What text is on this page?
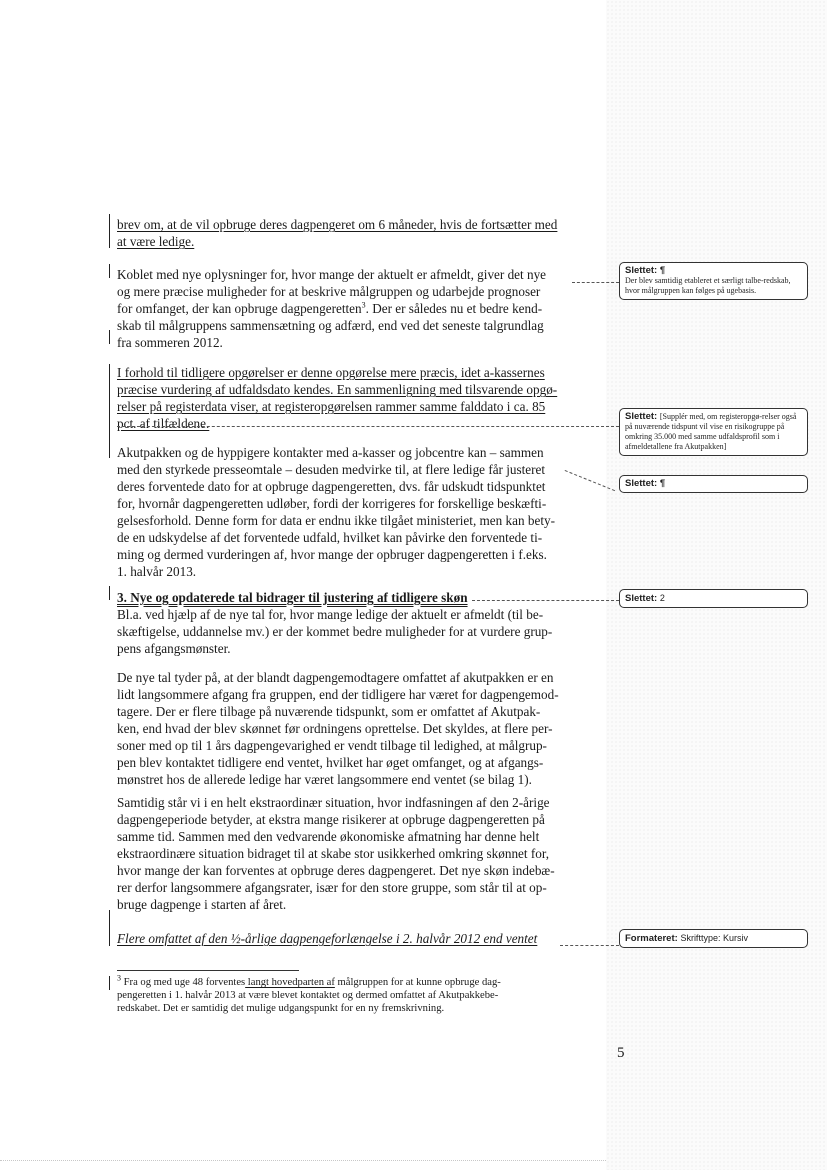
brev om, at de vil opbruge deres dagpengeret om 6 måneder, hvis de fortsætter med

at være ledige.

Koblet med nye oplysninger for, hvor mange der aktuelt er afmeldt, giver det nye

og mere præcise muligheder for at beskrive målgruppen og udarbejde prognoser

for omfanget, der kan opbruge dagpengeretten$^3$. Der er således nu et bedre kend-

skab til målgruppens sammensætning og adfærd, end ved det seneste talgrundlag

fra sommeren 2012.

I forhold til tidligere opgørelser er denne opgørelse mere præcis, idet a-kassernes

præcise vurdering af udfaldsdato kendes. En sammenligning med tilsvarende opgø-

relser på registerdata viser, at registeropgørelsen rammer samme falddato i ca. 85

pct. af tilfældene.

Akutpakken og de hyppigere kontakter med a-kasser og jobcentre kan – sammen

med den styrkede presseomtale – desuden medvirke til, at flere ledige får justeret

deres forventede dato for at opbruge dagpengeretten, dvs. får udskudt tidspunktet

for, hvornår dagpengeretten udløber, fordi der korrigeres for forskellige beskæfti-

gelsesforhold. Denne form for data er endnu ikke tilgået ministeriet, men kan bety-

de en udskydelse af det forventede udfald, hvilket kan påvirke den forventede ti-

ming og dermed vurderingen af, hvor mange der opbruger dagpengeretten i f.eks.

1. halvår 2013.

3. Nye og opdaterede tal bidrager til justering af tidligere skøn

Bl.a. ved hjælp af de nye tal for, hvor mange ledige der aktuelt er afmeldt (til be-

skæftigelse, uddannelse mv.) er der kommet bedre muligheder for at vurdere grup-

pens afgangsmønster.

De nye tal tyder på, at der blandt dagpengemodtagere omfattet af akutpakken er en

lidt langsommere afgang fra gruppen, end der tidligere har været for dagpengemod-

tagere. Der er flere tilbage på nuværende tidspunkt, som er omfattet af Akutpak-

ken, end hvad der blev skønnet før ordningens oprettelse. Det skyldes, at flere per-

soner med op til 1 års dagpengevarighed er vendt tilbage til ledighed, at målgrup-

pen blev kontaktet tidligere end ventet, hvilket har øget omfanget, og at afgangs-

mønstret hos de allerede ledige har været langsommere end ventet (se bilag 1).

Samtidig står vi i en helt ekstraordinær situation, hvor indfasningen af den 2-årige

dagpengeperiode betyder, at ekstra mange risikerer at opbruge dagpengeretten på

samme tid. Sammen med den vedvarende økonomiske afmatning har denne helt

ekstraordinære situation bidraget til at skabe stor usikkerhed omkring skønnet for,

hvor mange der kan forventes at opbruge deres dagpengeret. Det nye skøn indebæ-

rer derfor langsommere afgangsrater, især for den store gruppe, som står til at op-

bruge dagpenge i starten af året.

Flere omfattet af den ½-årlige dagpengeforlængelse i 2. halvår 2012 end ventet

$^3$ Fra og med uge 48 forventes langt hovedparten af målgruppen for at kunne opbruge dag-
pengeretten i 1. halvår 2013 at være blevet kontaktet og dermed omfattet af Akutpakkebe-
redskabet. Det er samtidig det mulige udgangspunkt for en ny fremskrivning.
5
Slettet: ¶
Der blev samtidig etableret et særligt talbe-redskab, hvor målgruppen kan følges på ugebasis.
Slettet: [Supplér med, om registeropgø-relser også på nuværende tidspunt vil vise en risikogruppe på omkring 35.000 med samme udfaldsprofil som i afmeldetallene fra Akutpakken]
Slettet: ¶
Slettet: 2
Formateret: Skrifttype: Kursiv
